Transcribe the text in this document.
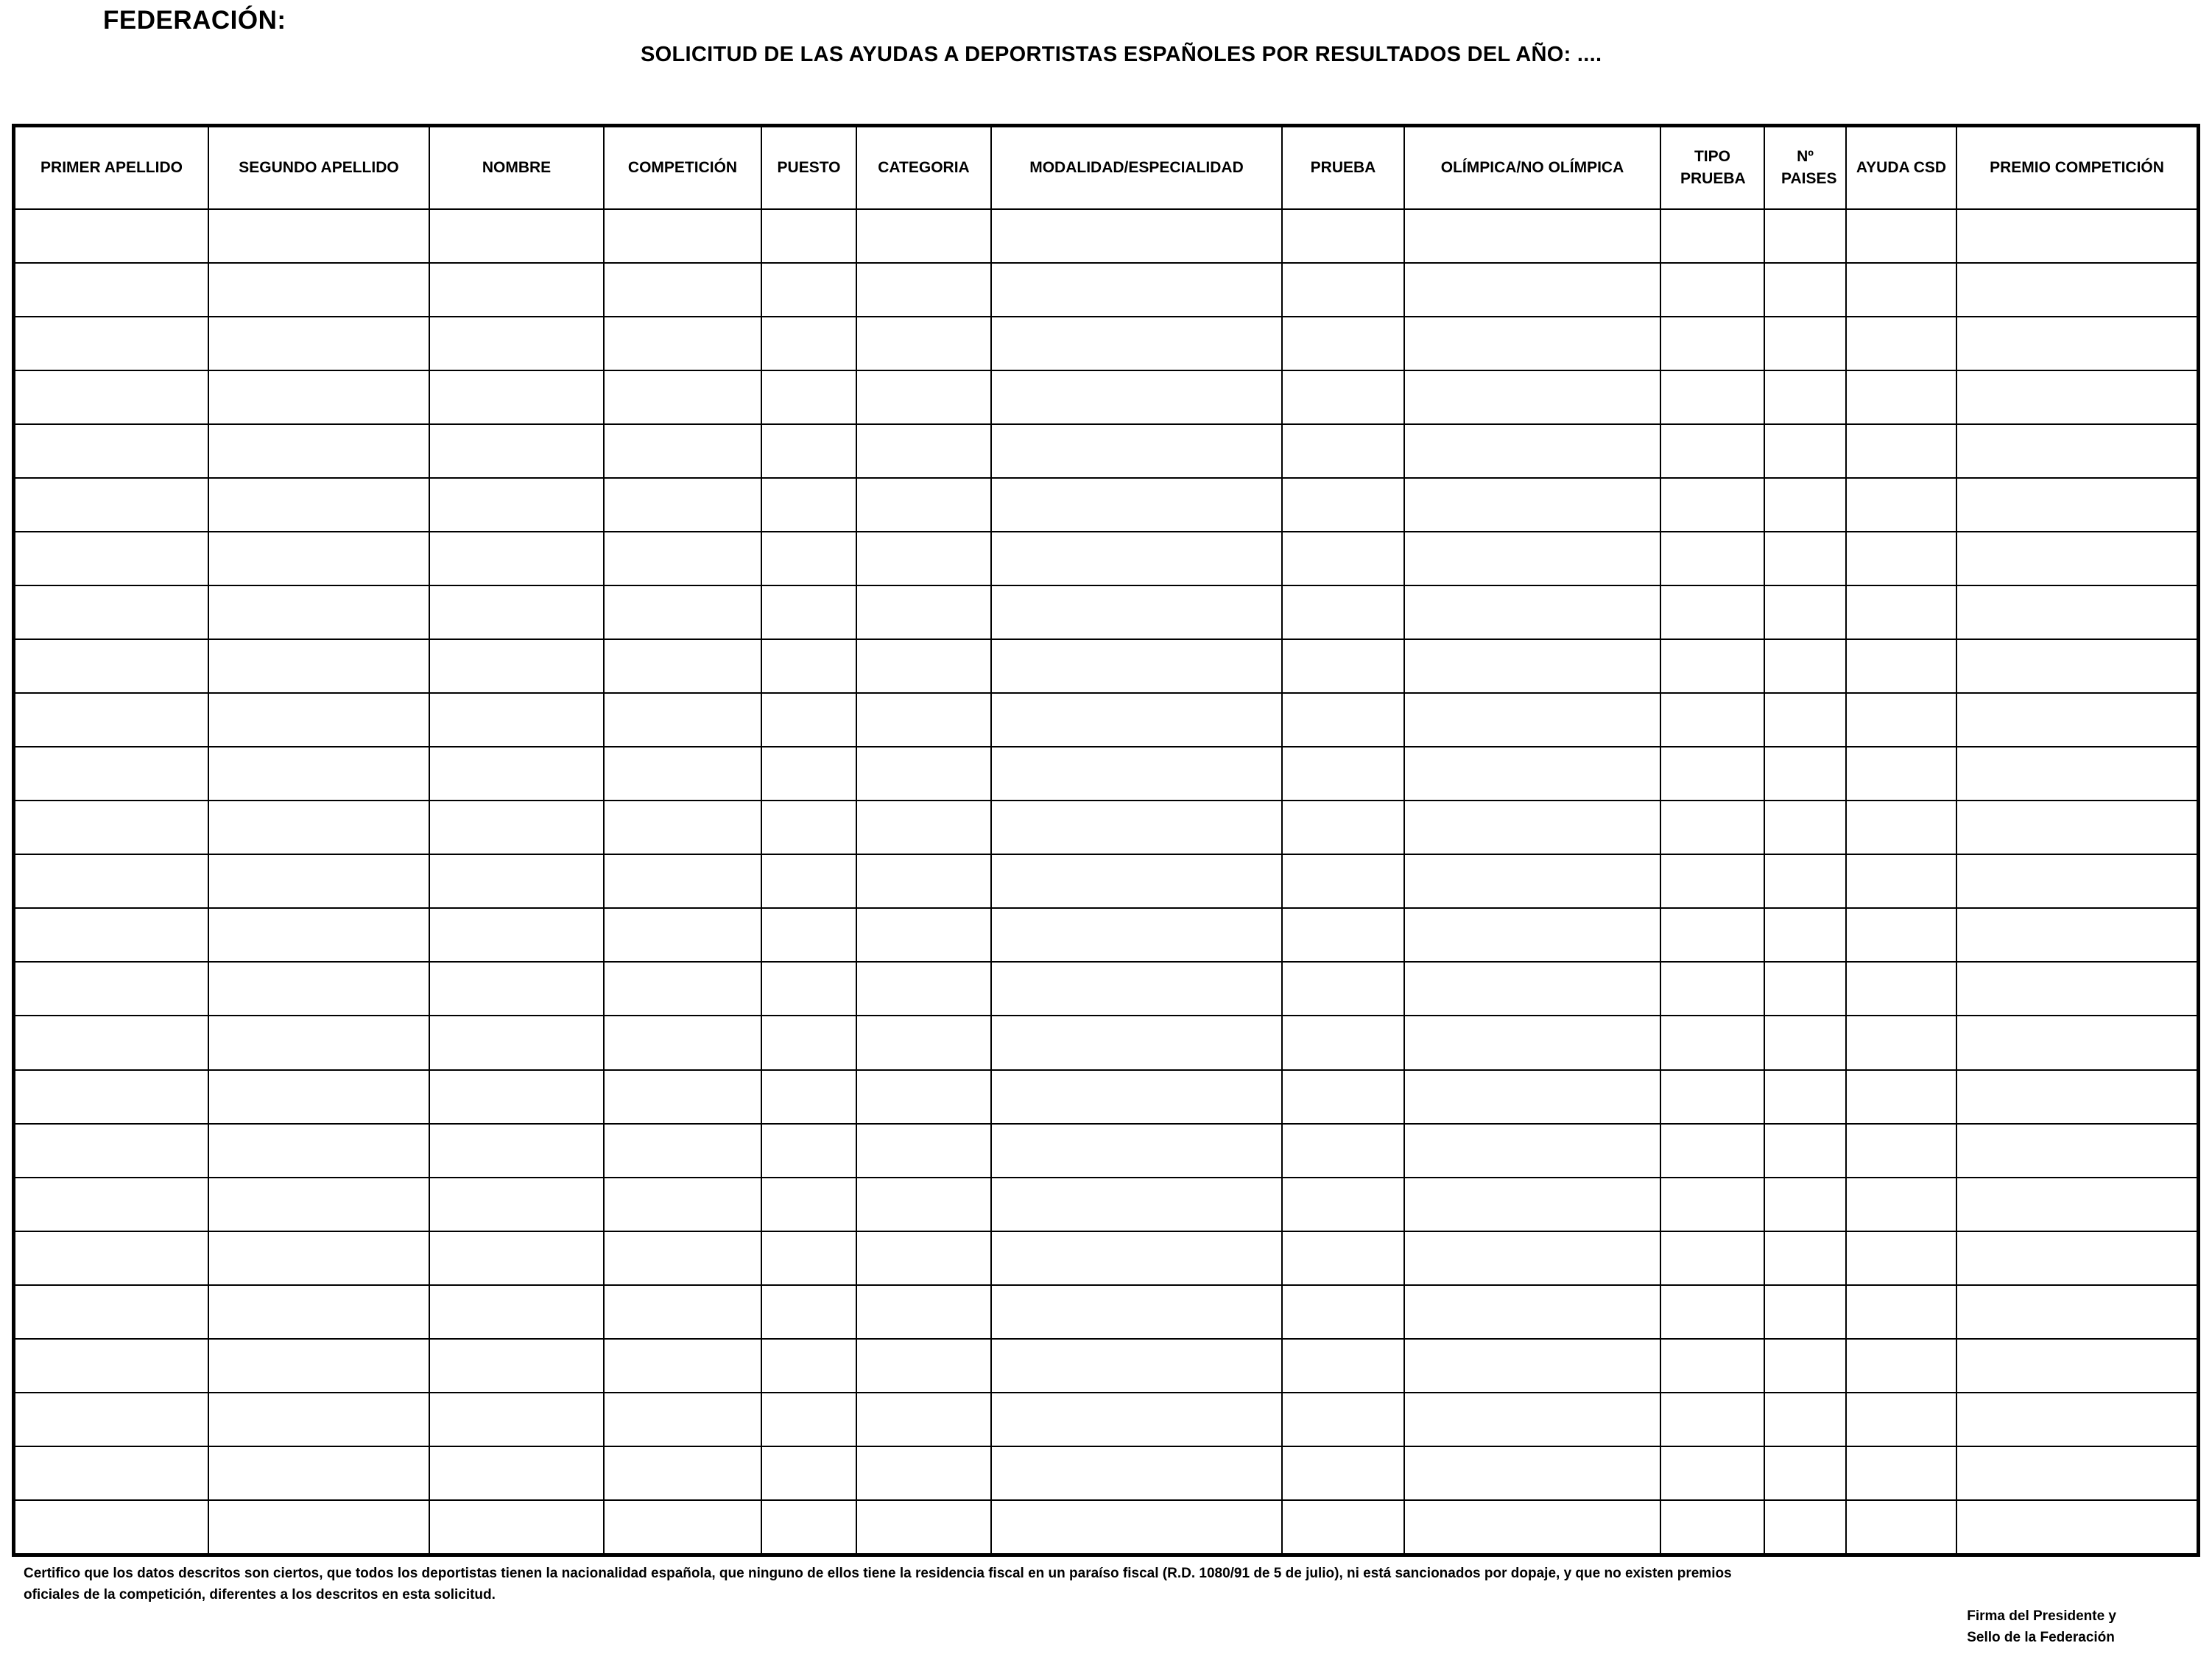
FEDERACIÓN:
SOLICITUD DE LAS AYUDAS A DEPORTISTAS ESPAÑOLES POR RESULTADOS DEL AÑO: ....
PRIMER APELLIDO	SEGUNDO APELLIDO	NOMBRE	COMPETICIÓN	PUESTO	CATEGORIA	MODALIDAD/ESPECIALIDAD	PRUEBA	OLÍMPICA/NO OLÍMPICA	TIPO PRUEBA	Nº PAISES	AYUDA CSD	PREMIO COMPETICIÓN

Certifico que los datos descritos son ciertos, que todos los deportistas tienen la nacionalidad española, que ninguno de ellos tiene la residencia fiscal en un paraíso fiscal (R.D. 1080/91 de 5 de julio), ni está sancionados por dopaje, y que no existen premios oficiales de la competición, diferentes a los descritos en esta solicitud.
Firma del Presidente y
Sello de la Federación
